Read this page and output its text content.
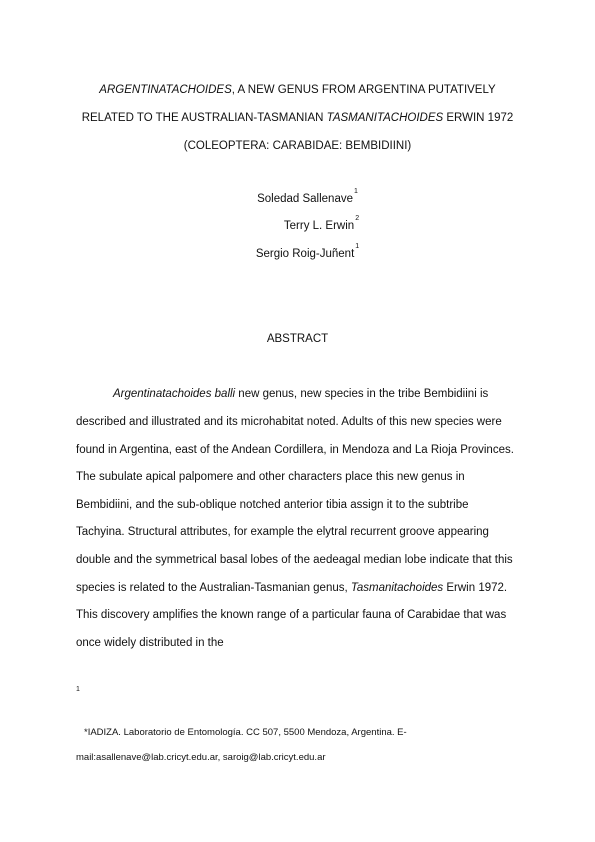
ARGENTINATACHOIDES, A NEW GENUS FROM ARGENTINA PUTATIVELY
RELATED TO THE AUSTRALIAN-TASMANIAN TASMANITACHOIDES ERWIN 1972
(COLEOPTERA: CARABIDAE: BEMBIDIINI)
Soledad Sallenave$^1$
Terry L. Erwin$^2$
Sergio Roig-Juñent$^1$
ABSTRACT
Argentinatachoides balli new genus, new species in the tribe Bembidiini is
described and illustrated and its microhabitat noted. Adults of this new species were
found in Argentina, east of the Andean Cordillera, in Mendoza and La Rioja Provinces.
The subulate apical palpomere and other characters place this new genus in
Bembidiini, and the sub-oblique notched anterior tibia assign it to the subtribe
Tachyina. Structural attributes, for example the elytral recurrent groove appearing
double and the symmetrical basal lobes of the aedeagal median lobe indicate that this
species is related to the Australian-Tasmanian genus, Tasmanitachoides Erwin 1972.
This discovery amplifies the known range of a particular fauna of Carabidae that was
once widely distributed in the
1
*IADIZA. Laboratorio de Entomología. CC 507, 5500 Mendoza, Argentina. E-
mail:asallenave@lab.cricyt.edu.ar, saroig@lab.cricyt.edu.ar
